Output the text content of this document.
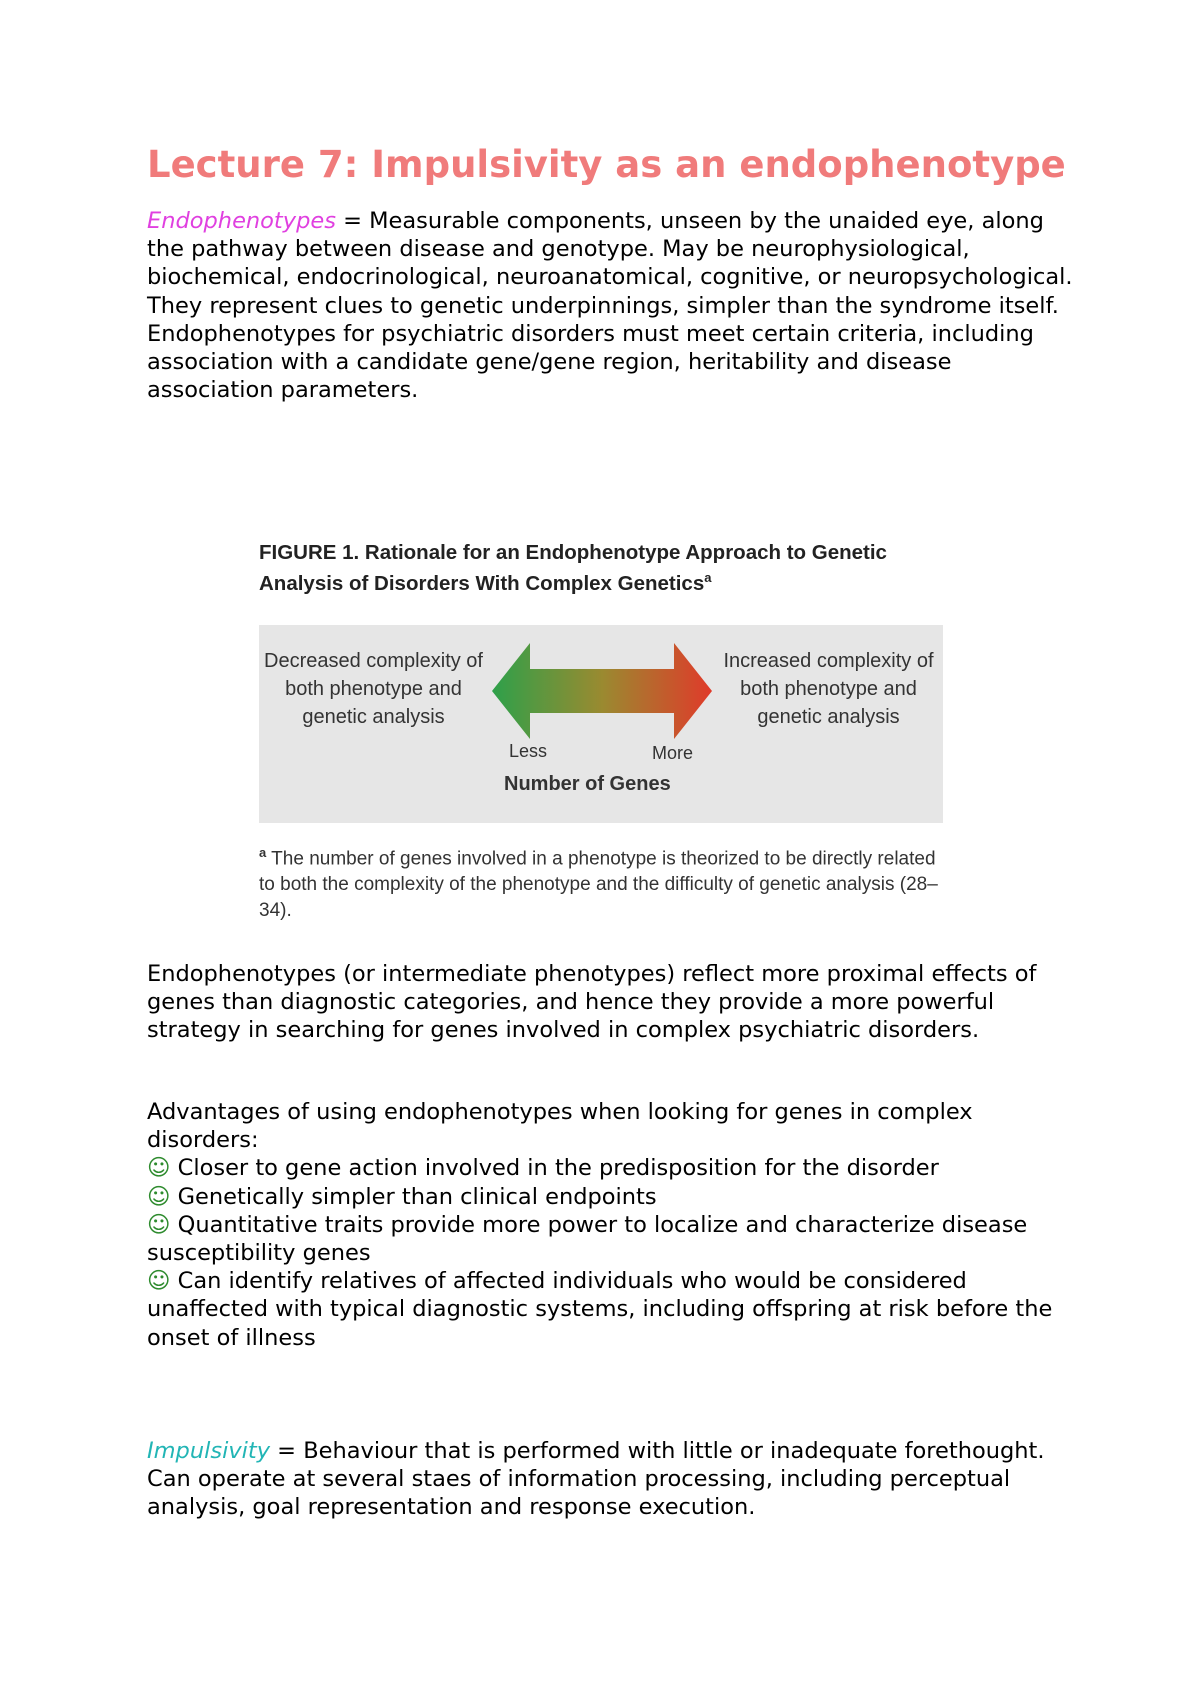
Lecture 7: Impulsivity as an endophenotype

Endophenotypes = Measurable components, unseen by the unaided eye, along the pathway between disease and genotype. May be neurophysiological, biochemical, endocrinological, neuroanatomical, cognitive, or neuropsychological.

They represent clues to genetic underpinnings, simpler than the syndrome itself. Endophenotypes for psychiatric disorders must meet certain criteria, including association with a candidate gene/gene region, heritability and disease association parameters.

FIGURE 1. Rationale for an Endophenotype Approach to Genetic Analysis of Disorders With Complex Genetics$^a$

Decreased complexity of both phenotype and genetic analysis
Increased complexity of both phenotype and genetic analysis
Less	More
Number of Genes
$^a$ The number of genes involved in a phenotype is theorized to be directly related to both the complexity of the phenotype and the difficulty of genetic analysis (28–34).

Endophenotypes (or intermediate phenotypes) reflect more proximal effects of genes than diagnostic categories, and hence they provide a more powerful strategy in searching for genes involved in complex psychiatric disorders.

Advantages of using endophenotypes when looking for genes in complex disorders:

☺ Closer to gene action involved in the predisposition for the disorder

☺ Genetically simpler than clinical endpoints

☺ Quantitative traits provide more power to localize and characterize disease susceptibility genes

☺ Can identify relatives of affected individuals who would be considered unaffected with typical diagnostic systems, including offspring at risk before the onset of illness

Impulsivity = Behaviour that is performed with little or inadequate forethought.

Can operate at several staes of information processing, including perceptual analysis, goal representation and response execution.
